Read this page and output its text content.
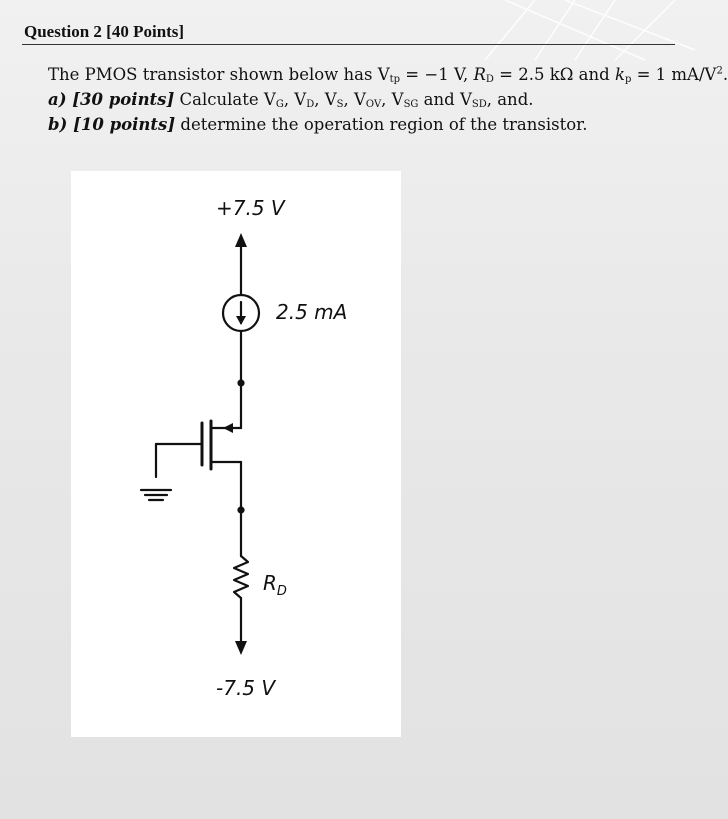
Question 2 [40 Points]

The PMOS transistor shown below has $V_{tp} = -1$ V, $R_D = 2.5$ kΩ and $k_p = 1$ $mA/V^2$.

a) [30 points] Calculate $V_G$, $V_D$, $V_S$, $V_{OV}$, $V_{SG}$ and $V_{SD}$, and.

b) [10 points] determine the operation region of the transistor.

+7.5 V
2.5 mA
$R_D$
-7.5 V
